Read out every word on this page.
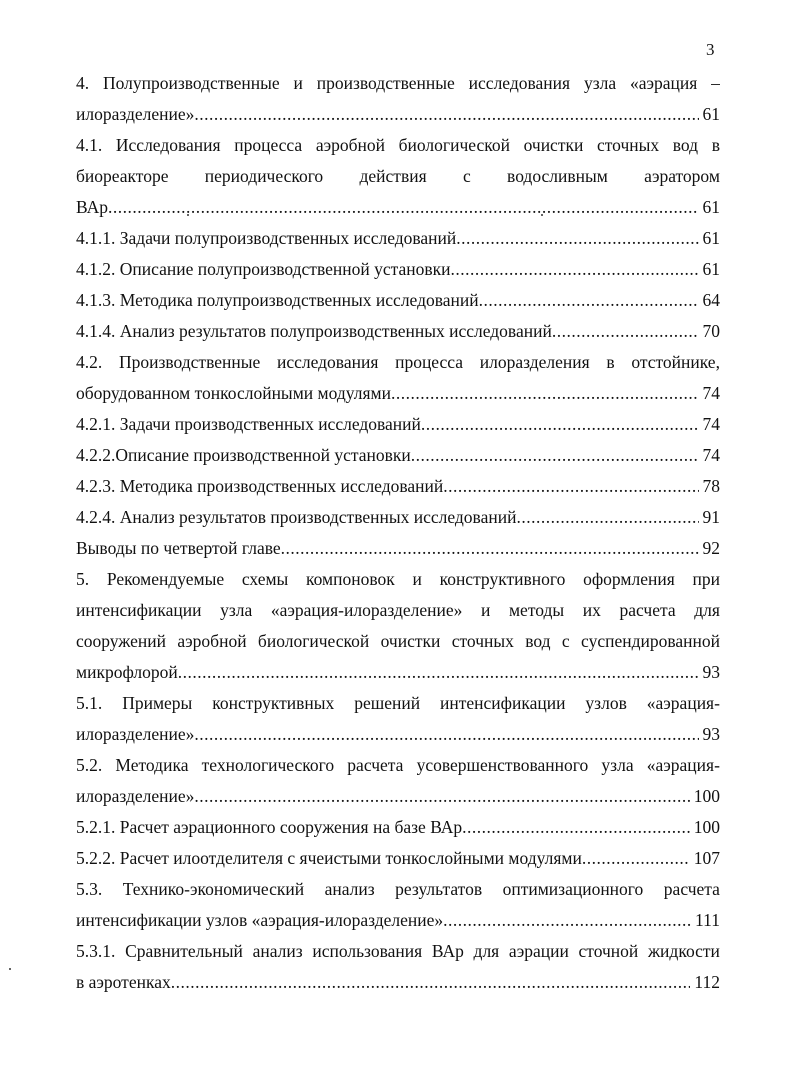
3
4. Полупроизводственные и производственные исследования узла «аэрация –
илоразделение» .....	61
4.1. Исследования процесса аэробной биологической очистки сточных вод в
биореакторе периодического действия с водосливным аэратором
ВАр .....	61
4.1.1. Задачи полупроизводственных исследований .....	61
4.1.2. Описание полупроизводственной установки .....	61
4.1.3. Методика полупроизводственных исследований .....	64
4.1.4. Анализ результатов полупроизводственных исследований .....	70
4.2. Производственные исследования процесса илоразделения в отстойнике,
оборудованном тонкослойными модулями .....	74
4.2.1. Задачи производственных исследований .....	74
4.2.2.Описание производственной установки .....	74
4.2.3. Методика производственных исследований .....	78
4.2.4. Анализ результатов производственных исследований .....	91
Выводы по четвертой главе .....	92
5. Рекомендуемые схемы компоновок и конструктивного оформления при
интенсификации узла «аэрация-илоразделение» и методы их расчета для
сооружений аэробной биологической очистки сточных вод с суспендированной
микрофлорой .....	93
5.1. Примеры конструктивных решений интенсификации узлов «аэрация-
илоразделение» .....	93
5.2. Методика технологического расчета усовершенствованного узла «аэрация-
илоразделение» .....	100
5.2.1. Расчет аэрационного сооружения на базе ВАр .....	100
5.2.2. Расчет илоотделителя с ячеистыми тонкослойными модулями .....	107
5.3. Технико-экономический анализ результатов оптимизационного расчета
интенсификации узлов «аэрация-илоразделение» .....	111
5.3.1. Сравнительный анализ использования ВАр для аэрации сточной жидкости
в аэротенках .....	112
